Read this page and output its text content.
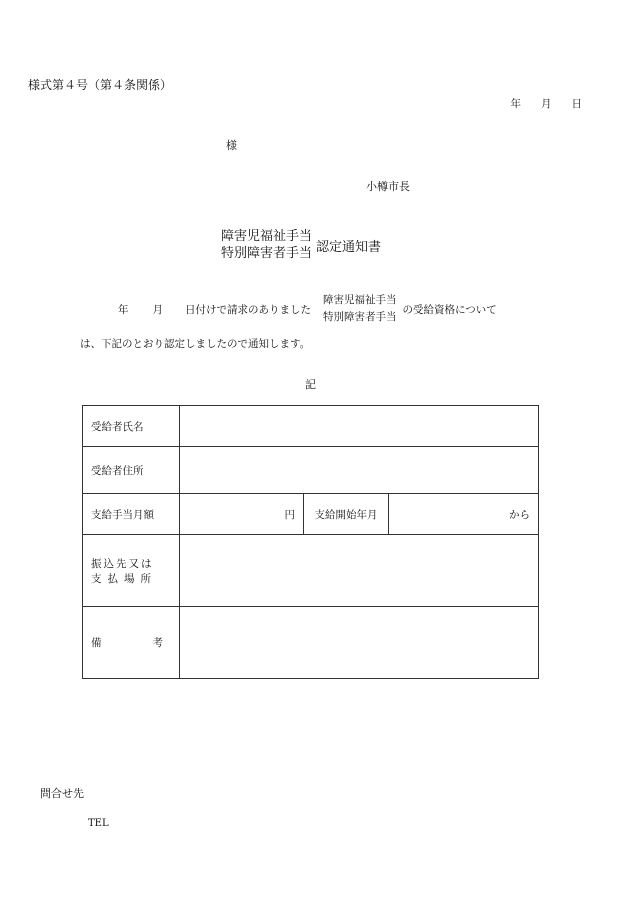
様式第４号（第４条関係）
年 月 日
様
小樽市長
障害児福祉手当
特別障害者手当 認定通知書
年 月 日付けで請求のありました
障害児福祉手当
特別障害者手当
の受給資格について
は、下記のとおり認定しましたので通知します。
記
受給者氏名			
受給者住所			
支給手当月額	円	支給開始年月	から

振込先又は
支払場所			

備 考			

問合せ先
TEL
